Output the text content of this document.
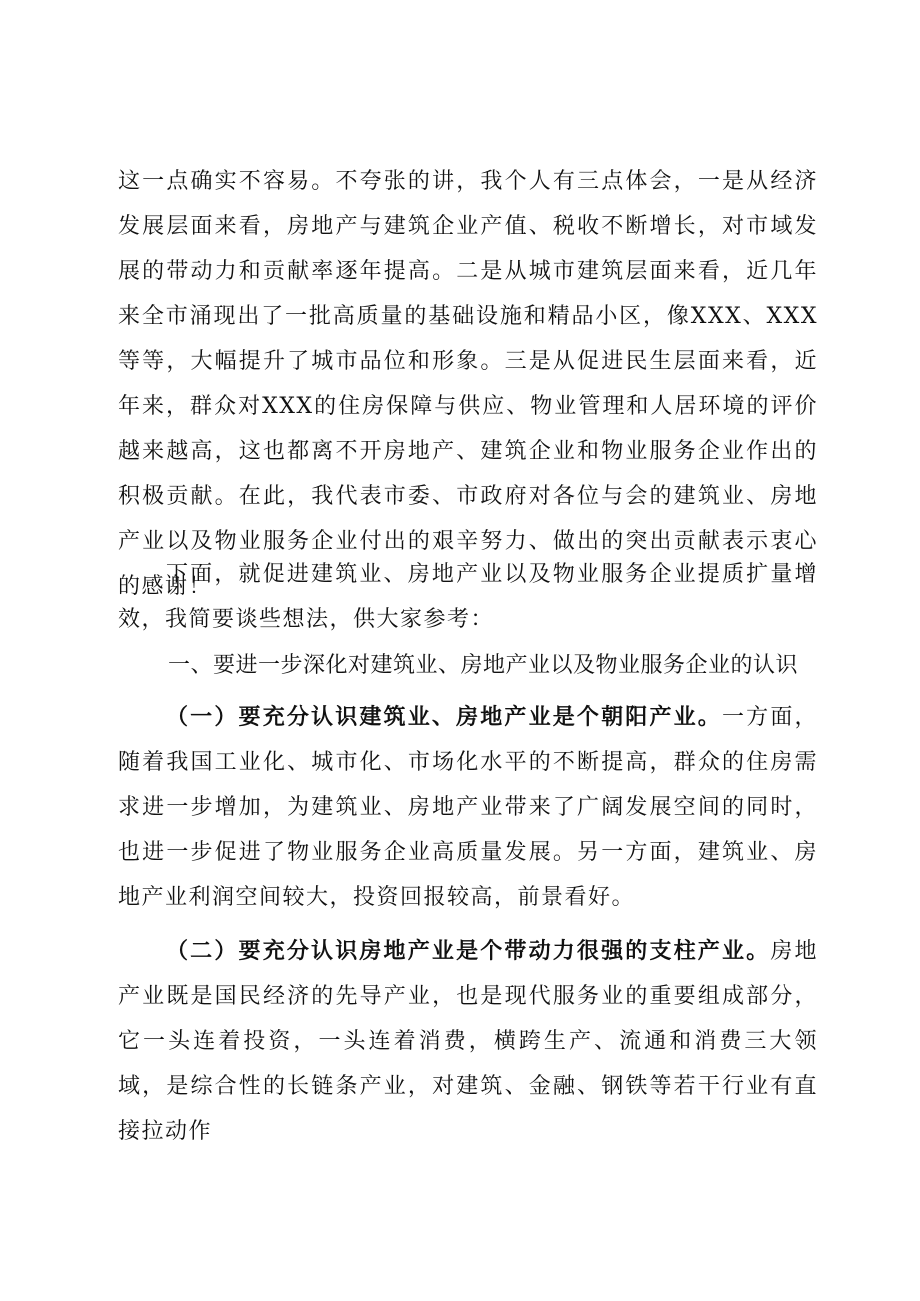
这一点确实不容易。不夸张的讲，我个人有三点体会，一是从经济发展层面来看，房地产与建筑企业产值、税收不断增长，对市域发展的带动力和贡献率逐年提高。二是从城市建筑层面来看，近几年来全市涌现出了一批高质量的基础设施和精品小区，像XXX、XXX等等，大幅提升了城市品位和形象。三是从促进民生层面来看，近年来，群众对XXX的住房保障与供应、物业管理和人居环境的评价越来越高，这也都离不开房地产、建筑企业和物业服务企业作出的积极贡献。在此，我代表市委、市政府对各位与会的建筑业、房地产业以及物业服务企业付出的艰辛努力、做出的突出贡献表示衷心的感谢！
下面，就促进建筑业、房地产业以及物业服务企业提质扩量增效，我简要谈些想法，供大家参考：
一、要进一步深化对建筑业、房地产业以及物业服务企业的认识
（一）要充分认识建筑业、房地产业是个朝阳产业。一方面，随着我国工业化、城市化、市场化水平的不断提高，群众的住房需求进一步增加，为建筑业、房地产业带来了广阔发展空间的同时，也进一步促进了物业服务企业高质量发展。另一方面，建筑业、房地产业利润空间较大，投资回报较高，前景看好。
（二）要充分认识房地产业是个带动力很强的支柱产业。房地产业既是国民经济的先导产业，也是现代服务业的重要组成部分，它一头连着投资，一头连着消费，横跨生产、流通和消费三大领域，是综合性的长链条产业，对建筑、金融、钢铁等若干行业有直接拉动作
